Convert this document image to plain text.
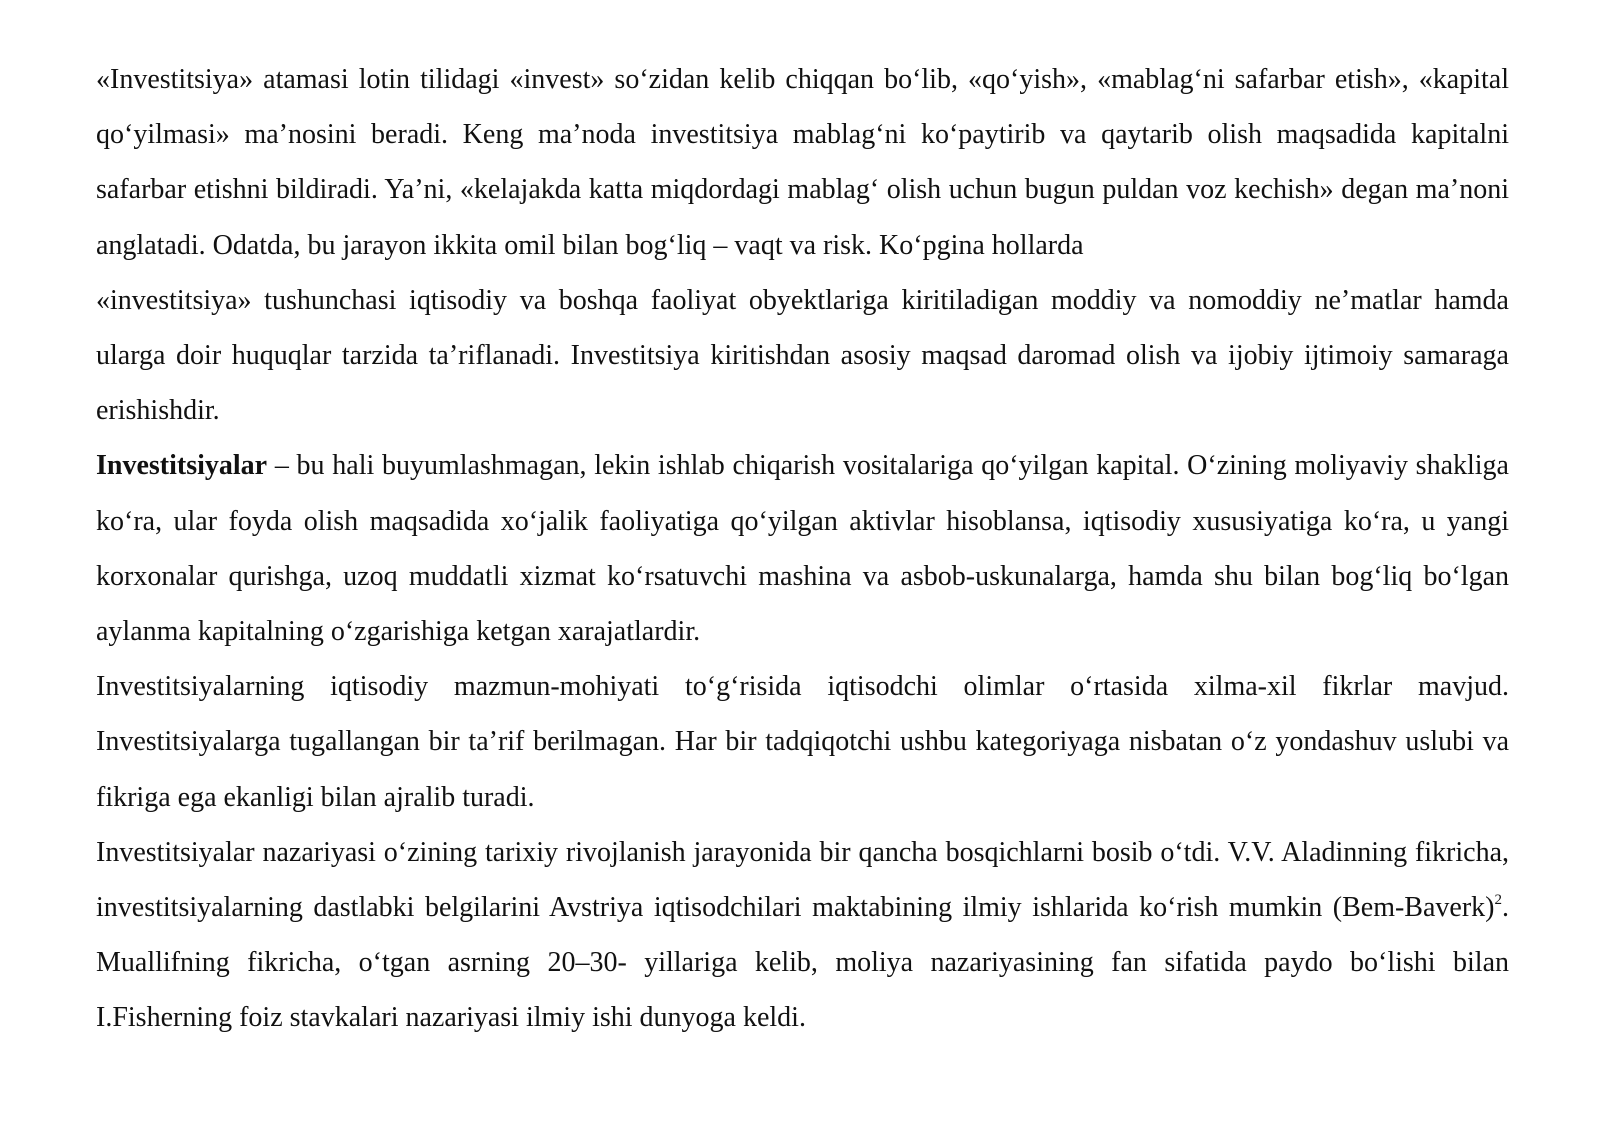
«Investitsiya» atamasi lotin tilidagi «invest» so‘zidan kelib chiqqan bo‘lib, «qo‘yish», «mablag‘ni safarbar etish», «kapital qo‘yilmasi» ma’nosini beradi. Keng ma’noda investitsiya mablag‘ni ko‘paytirib va qaytarib olish maqsadida kapitalni safarbar etishni bildiradi. Ya’ni, «kelajakda katta miqdordagi mablag‘ olish uchun bugun puldan voz kechish» degan ma’noni anglatadi. Odatda, bu jarayon ikkita omil bilan bog‘liq – vaqt va risk. Ko‘pgina hollarda

«investitsiya» tushunchasi iqtisodiy va boshqa faoliyat obyektlariga kiritiladigan moddiy va nomoddiy ne’matlar hamda ularga doir huquqlar tarzida ta’riflanadi. Investitsiya kiritishdan asosiy maqsad daromad olish va ijobiy ijtimoiy samaraga erishishdir.

Investitsiyalar – bu hali buyumlashmagan, lekin ishlab chiqarish vositalariga qo‘yilgan kapital. O‘zining moliyaviy shakliga ko‘ra, ular foyda olish maqsadida xo‘jalik faoliyatiga qo‘yilgan aktivlar hisoblansa, iqtisodiy xususiyatiga ko‘ra, u yangi korxonalar qurishga, uzoq muddatli xizmat ko‘rsatuvchi mashina va asbob-uskunalarga, hamda shu bilan bog‘liq bo‘lgan aylanma kapitalning o‘zgarishiga ketgan xarajatlardir.

Investitsiyalarning iqtisodiy mazmun-mohiyati to‘g‘risida iqtisodchi olimlar o‘rtasida xilma-xil fikrlar mavjud. Investitsiyalarga tugallangan bir ta’rif berilmagan. Har bir tadqiqotchi ushbu kategoriyaga nisbatan o‘z yondashuv uslubi va fikriga ega ekanligi bilan ajralib turadi.

Investitsiyalar nazariyasi o‘zining tarixiy rivojlanish jarayonida bir qancha bosqichlarni bosib o‘tdi. V.V. Aladinning fikricha, investitsiyalarning dastlabki belgilarini Avstriya iqtisodchilari maktabining ilmiy ishlarida ko‘rish mumkin (Bem-Baverk)$^2$. Muallifning fikricha, o‘tgan asrning 20–30- yillariga kelib, moliya nazariyasining fan sifatida paydo bo‘lishi bilan I.Fisherning foiz stavkalari nazariyasi ilmiy ishi dunyoga keldi.
